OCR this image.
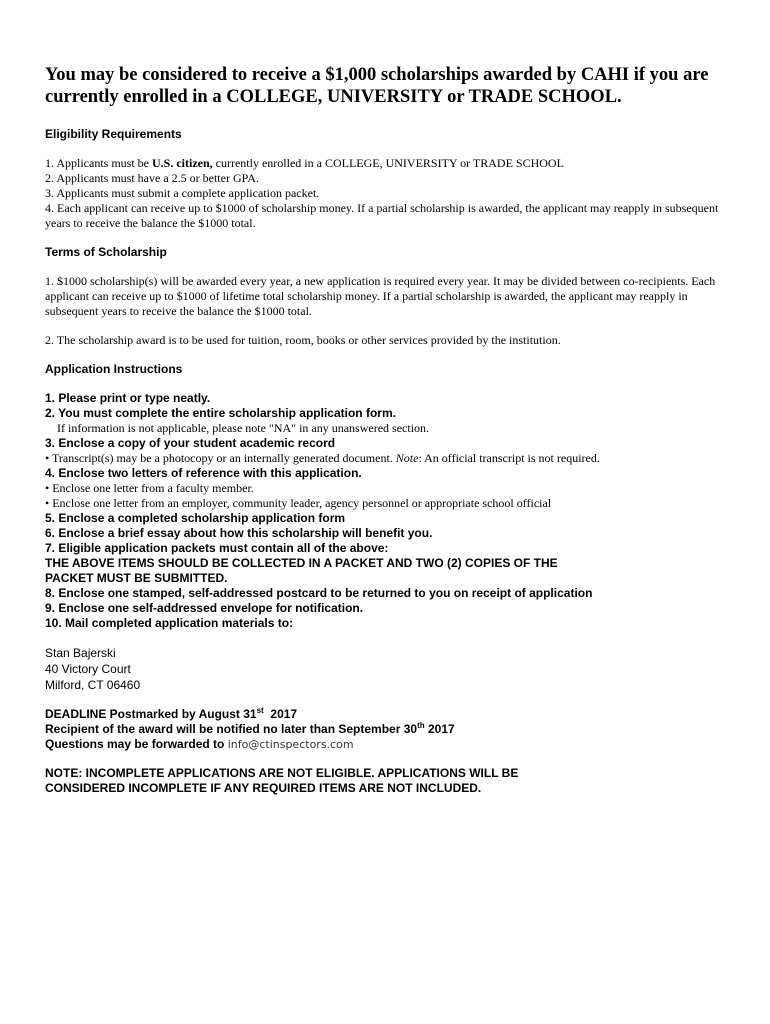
You may be considered to receive a $1,000 scholarships awarded by CAHI if you are currently enrolled in a COLLEGE, UNIVERSITY or TRADE SCHOOL.
Eligibility Requirements
1. Applicants must be U.S. citizen, currently enrolled in a COLLEGE, UNIVERSITY or TRADE SCHOOL
2. Applicants must have a 2.5 or better GPA.
3. Applicants must submit a complete application packet.
4. Each applicant can receive up to $1000 of scholarship money. If a partial scholarship is awarded, the applicant may reapply in subsequent years to receive the balance the $1000 total.
Terms of Scholarship
1. $1000 scholarship(s) will be awarded every year, a new application is required every year. It may be divided between co-recipients. Each applicant can receive up to $1000 of lifetime total scholarship money. If a partial scholarship is awarded, the applicant may reapply in subsequent years to receive the balance the $1000 total.
2. The scholarship award is to be used for tuition, room, books or other services provided by the institution.
Application Instructions
1. Please print or type neatly.
2. You must complete the entire scholarship application form.
If information is not applicable, please note "NA" in any unanswered section.
3. Enclose a copy of your student academic record
• Transcript(s) may be a photocopy or an internally generated document. Note: An official transcript is not required.
4. Enclose two letters of reference with this application.
• Enclose one letter from a faculty member.
• Enclose one letter from an employer, community leader, agency personnel or appropriate school official
5. Enclose a completed scholarship application form
6. Enclose a brief essay about how this scholarship will benefit you.
7. Eligible application packets must contain all of the above:
THE ABOVE ITEMS SHOULD BE COLLECTED IN A PACKET AND TWO (2) COPIES OF THE
PACKET MUST BE SUBMITTED.
8. Enclose one stamped, self-addressed postcard to be returned to you on receipt of application
9. Enclose one self-addressed envelope for notification.
10. Mail completed application materials to:
Stan Bajerski
40 Victory Court
Milford, CT 06460
DEADLINE Postmarked by August 31st  2017
Recipient of the award will be notified no later than September 30th 2017
Questions may be forwarded to info@ctinspectors.com
NOTE: INCOMPLETE APPLICATIONS ARE NOT ELIGIBLE. APPLICATIONS WILL BE
CONSIDERED INCOMPLETE IF ANY REQUIRED ITEMS ARE NOT INCLUDED.
